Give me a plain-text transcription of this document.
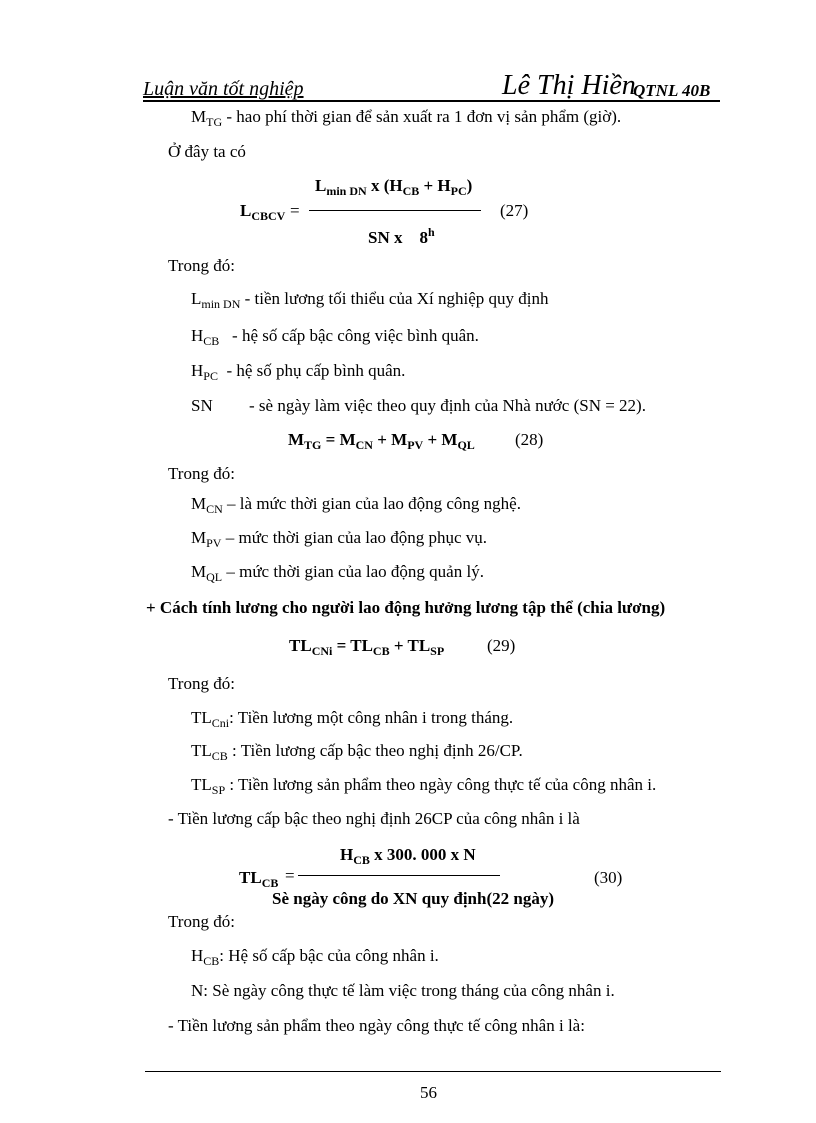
Luận văn tốt nghiệp	Lê Thị Hiền
QTNL 40B
$M_{TG}$ - hao phí thời gian để sản xuất ra 1 đơn vị sản phẩm (giờ).
Ở đây ta có
$L_{min DN}$ x $(H_{CB} + H_{PC})$
$L_{CBCV}$ =	(27)
SN x    8$^h$
Trong đó:
$L_{min DN}$ - tiền lương tối thiểu của Xí nghiệp quy định
$H_{CB}$   - hệ số cấp bậc công việc bình quân.
$H_{PC}$  - hệ số phụ cấp bình quân.
SN - sè ngày làm việc theo quy định của Nhà nước (SN = 22).
$M_{TG} = M_{CN} + M_{PV} + M_{QL}$ (28)
Trong đó:
$M_{CN}$ – là mức thời gian của lao động công nghệ.
$M_{PV}$ – mức thời gian của lao động phục vụ.
$M_{QL}$ – mức thời gian của lao động quản lý.
+ Cách tính lương cho người lao động hưởng lương tập thể (chia lương)
$TL_{CNi} = TL_{CB} + TL_{SP}$	(29)
Trong đó:
$TL_{Cni}$: Tiền lương một công nhân i trong tháng.
$TL_{CB}$ : Tiền lương cấp bậc theo nghị định 26/CP.
$TL_{SP}$ : Tiền lương sản phẩm theo ngày công thực tế của công nhân i.
- Tiền lương cấp bậc theo nghị định 26CP của công nhân i là
$H_{CB}$ x 300. 000 x N
$TL_{CB}$ =	(30)
Sè ngày công do XN quy định(22 ngày)
Trong đó:
$H_{CB}$: Hệ số cấp bậc của công nhân i.
N: Sè ngày công thực tế làm việc trong tháng của công nhân i.
- Tiền lương sản phẩm theo ngày công thực tế công nhân i là:
56
